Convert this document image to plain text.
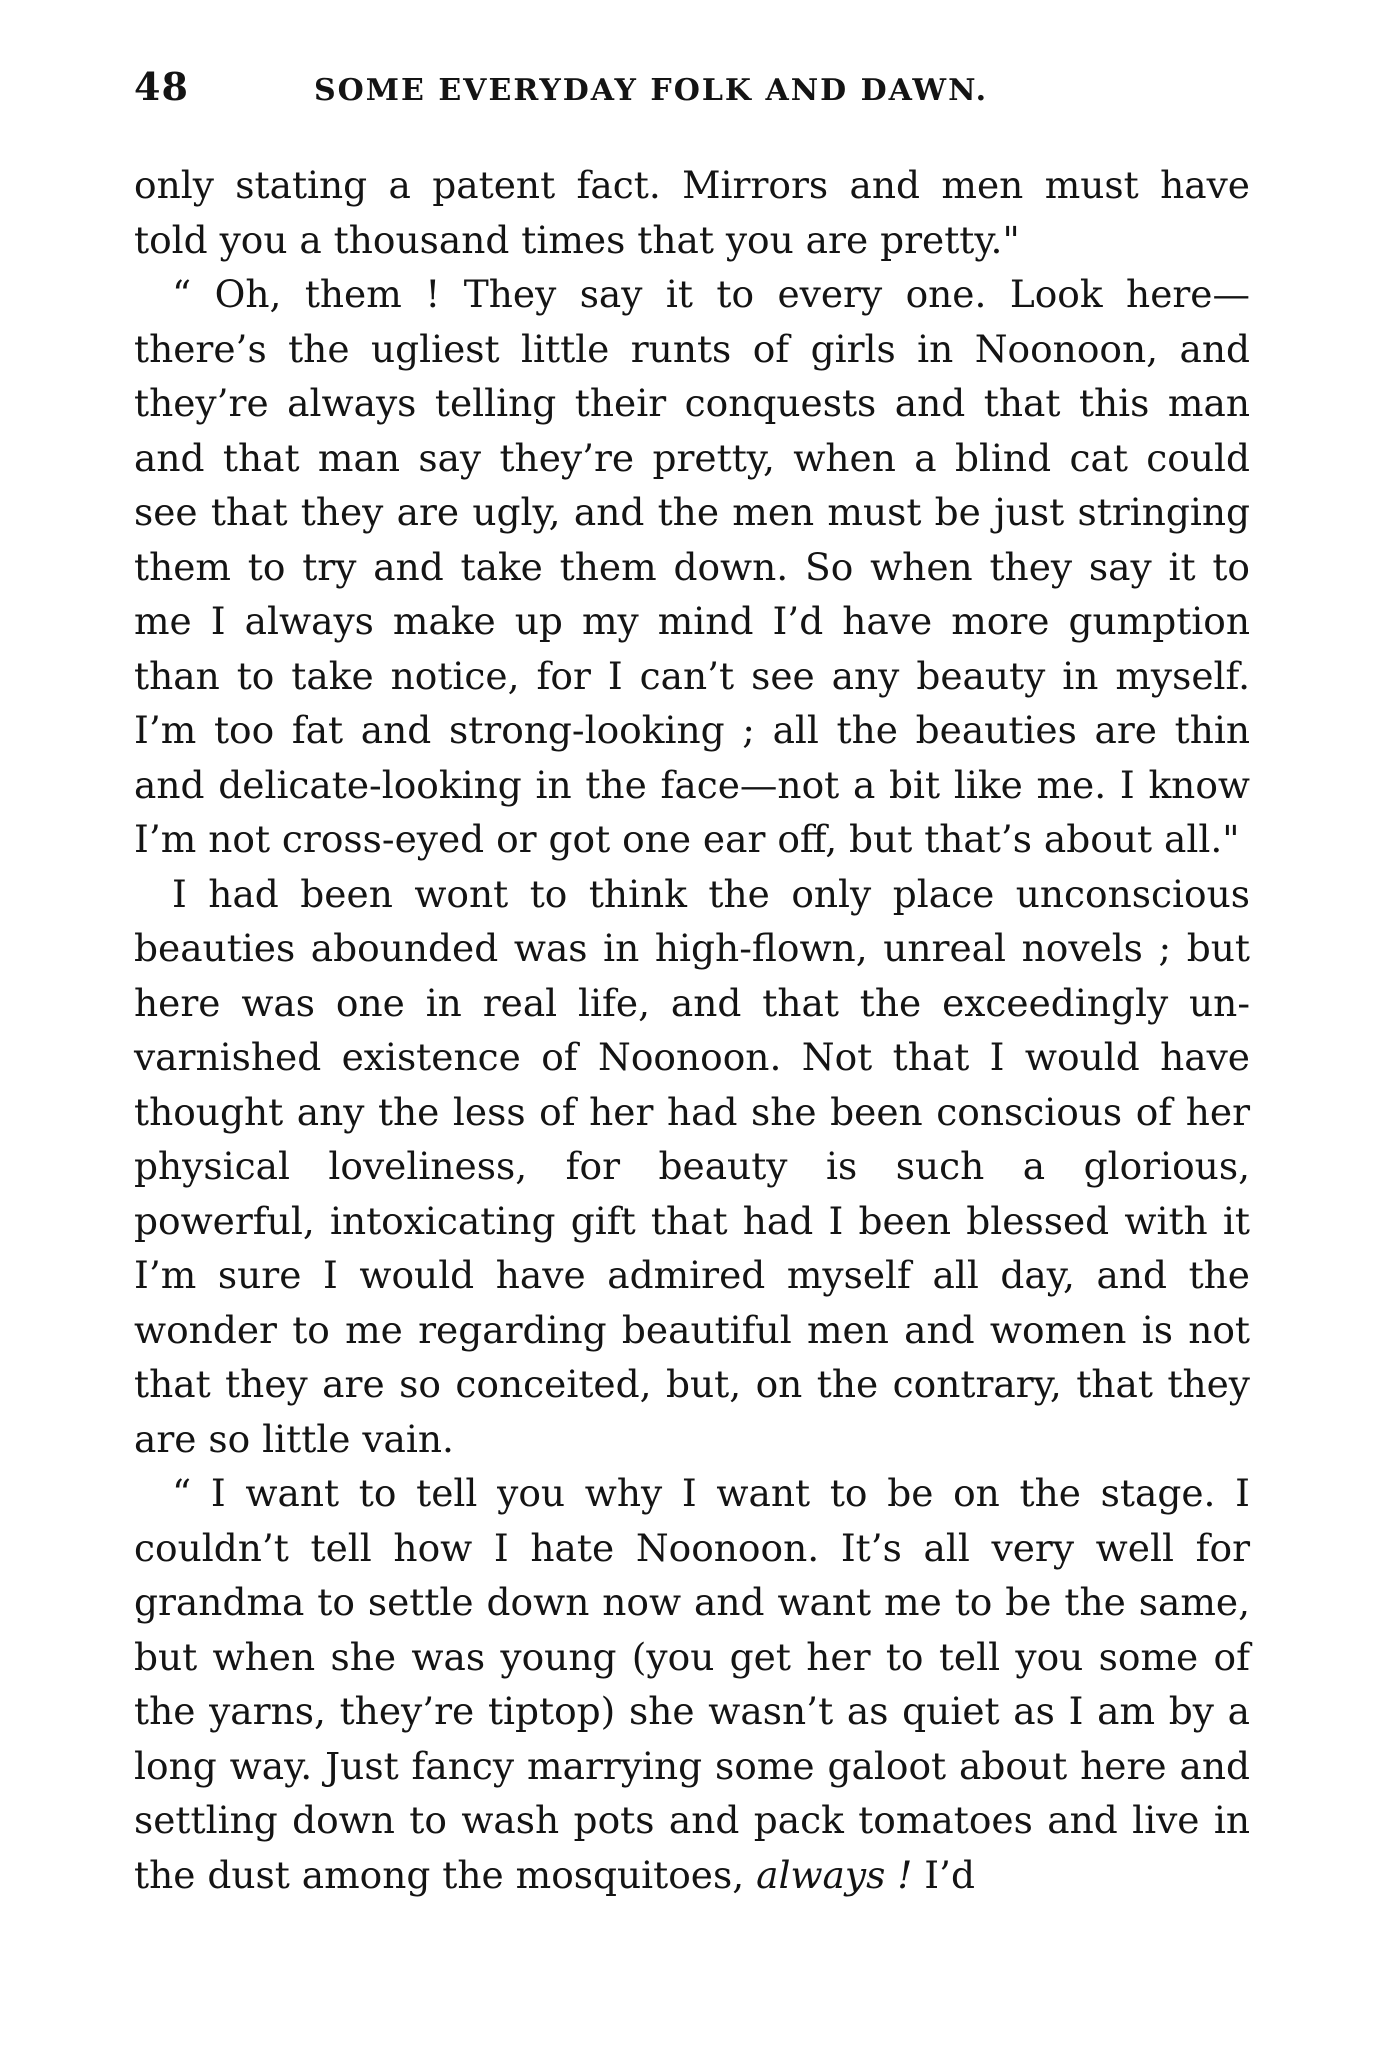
48	SOME EVERYDAY FOLK AND DAWN.

only stating a patent fact. Mirrors and men must have told you a thousand times that you are pretty."

“ Oh, them ! They say it to every one. Look here—there’s the ugliest little runts of girls in Noonoon, and they’re always telling their conquests and that this man and that man say they’re pretty, when a blind cat could see that they are ugly, and the men must be just stringing them to try and take them down. So when they say it to me I always make up my mind I’d have more gumption than to take notice, for I can’t see any beauty in myself. I’m too fat and strong-looking ; all the beauties are thin and delicate-looking in the face—not a bit like me. I know I’m not cross-eyed or got one ear off, but that’s about all."

I had been wont to think the only place unconscious beauties abounded was in high-flown, unreal novels ; but here was one in real life, and that the exceedingly unvarnished existence of Noonoon. Not that I would have thought any the less of her had she been conscious of her physical loveliness, for beauty is such a glorious, powerful, intoxicating gift that had I been blessed with it I’m sure I would have admired myself all day, and the wonder to me regarding beautiful men and women is not that they are so conceited, but, on the contrary, that they are so little vain.

“ I want to tell you why I want to be on the stage. I couldn’t tell how I hate Noonoon. It’s all very well for grandma to settle down now and want me to be the same, but when she was young (you get her to tell you some of the yarns, they’re tiptop) she wasn’t as quiet as I am by a long way. Just fancy marrying some galoot about here and settling down to wash pots and pack tomatoes and live in the dust among the mosquitoes, always ! I’d
